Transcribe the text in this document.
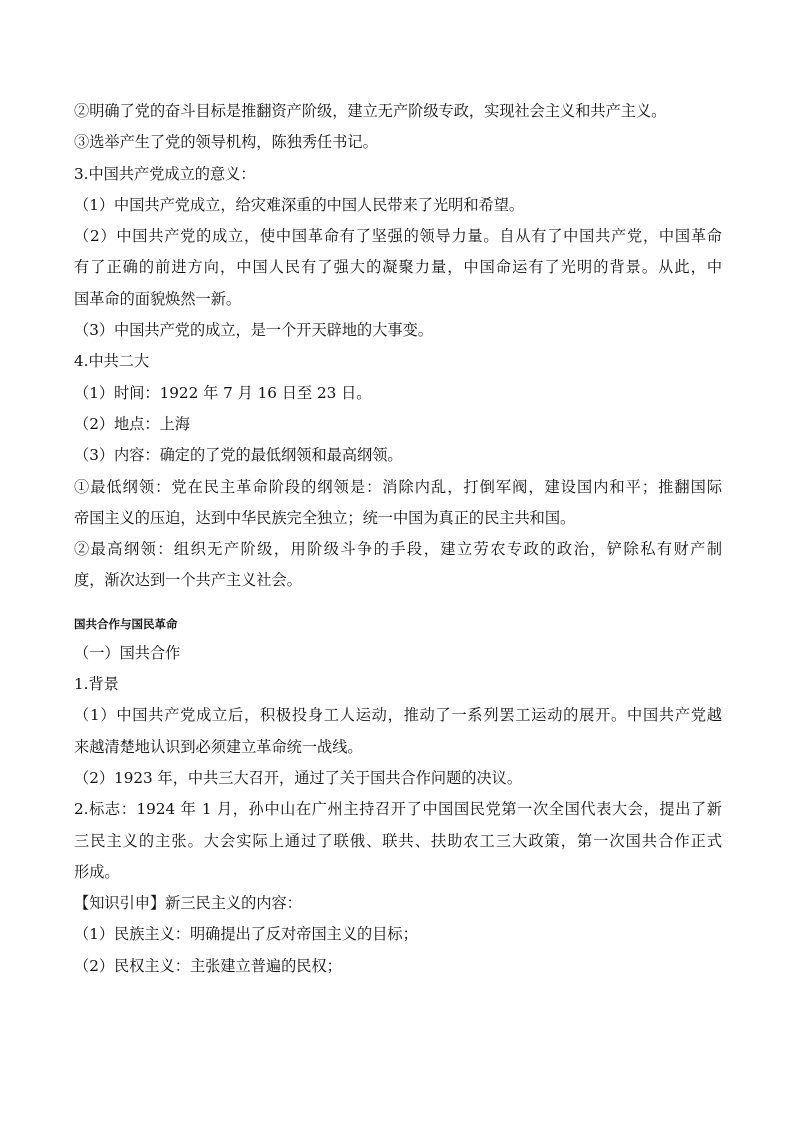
②明确了党的奋斗目标是推翻资产阶级，建立无产阶级专政，实现社会主义和共产主义。
③选举产生了党的领导机构，陈独秀任书记。
3.中国共产党成立的意义：
（1）中国共产党成立，给灾难深重的中国人民带来了光明和希望。
（2）中国共产党的成立，使中国革命有了坚强的领导力量。自从有了中国共产党，中国革命
有了正确的前进方向，中国人民有了强大的凝聚力量，中国命运有了光明的背景。从此，中
国革命的面貌焕然一新。
（3）中国共产党的成立，是一个开天辟地的大事变。
4.中共二大
（1）时间：1922 年 7 月 16 日至 23 日。
（2）地点：上海
（3）内容：确定的了党的最低纲领和最高纲领。
①最低纲领：党在民主革命阶段的纲领是：消除内乱，打倒军阀，建设国内和平；推翻国际
帝国主义的压迫，达到中华民族完全独立；统一中国为真正的民主共和国。
②最高纲领：组织无产阶级，用阶级斗争的手段，建立劳农专政的政治，铲除私有财产制
度，渐次达到一个共产主义社会。
国共合作与国民革命
（一）国共合作
1.背景
（1）中国共产党成立后，积极投身工人运动，推动了一系列罢工运动的展开。中国共产党越
来越清楚地认识到必须建立革命统一战线。
（2）1923 年，中共三大召开，通过了关于国共合作问题的决议。
2.标志：1924 年 1 月，孙中山在广州主持召开了中国国民党第一次全国代表大会，提出了新
三民主义的主张。大会实际上通过了联俄、联共、扶助农工三大政策，第一次国共合作正式
形成。
【知识引申】新三民主义的内容：
（1）民族主义：明确提出了反对帝国主义的目标；
（2）民权主义：主张建立普遍的民权；
